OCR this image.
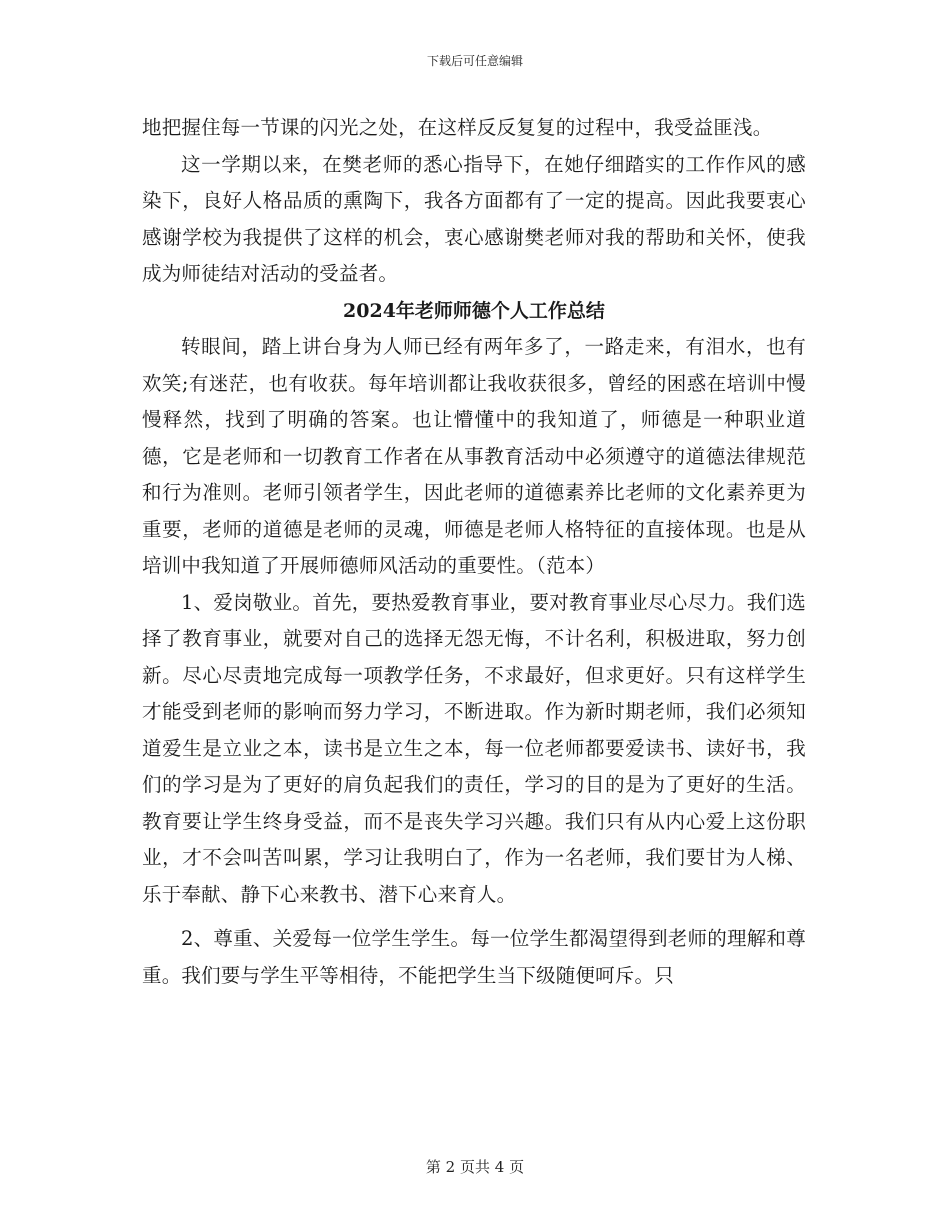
下载后可任意编辑

地把握住每一节课的闪光之处，在这样反反复复的过程中，我受益匪浅。

这一学期以来，在樊老师的悉心指导下，在她仔细踏实的工作作风的感染下，良好人格品质的熏陶下，我各方面都有了一定的提高。因此我要衷心感谢学校为我提供了这样的机会，衷心感谢樊老师对我的帮助和关怀，使我成为师徒结对活动的受益者。

2024年老师师德个人工作总结

转眼间，踏上讲台身为人师已经有两年多了，一路走来，有泪水，也有欢笑;有迷茫，也有收获。每年培训都让我收获很多，曾经的困惑在培训中慢慢释然，找到了明确的答案。也让懵懂中的我知道了，师德是一种职业道德，它是老师和一切教育工作者在从事教育活动中必须遵守的道德法律规范和行为准则。老师引领者学生，因此老师的道德素养比老师的文化素养更为重要，老师的道德是老师的灵魂，师德是老师人格特征的直接体现。也是从培训中我知道了开展师德师风活动的重要性。（范本）

1、爱岗敬业。首先，要热爱教育事业，要对教育事业尽心尽力。我们选择了教育事业，就要对自己的选择无怨无悔，不计名利，积极进取，努力创新。尽心尽责地完成每一项教学任务，不求最好，但求更好。只有这样学生才能受到老师的影响而努力学习，不断进取。作为新时期老师，我们必须知道爱生是立业之本，读书是立生之本，每一位老师都要爱读书、读好书，我们的学习是为了更好的肩负起我们的责任，学习的目的是为了更好的生活。教育要让学生终身受益，而不是丧失学习兴趣。我们只有从内心爱上这份职业，才不会叫苦叫累，学习让我明白了，作为一名老师，我们要甘为人梯、乐于奉献、静下心来教书、潜下心来育人。

2、尊重、关爱每一位学生学生。每一位学生都渴望得到老师的理解和尊重。我们要与学生平等相待，不能把学生当下级随便呵斥。只

第 2 页共 4 页
